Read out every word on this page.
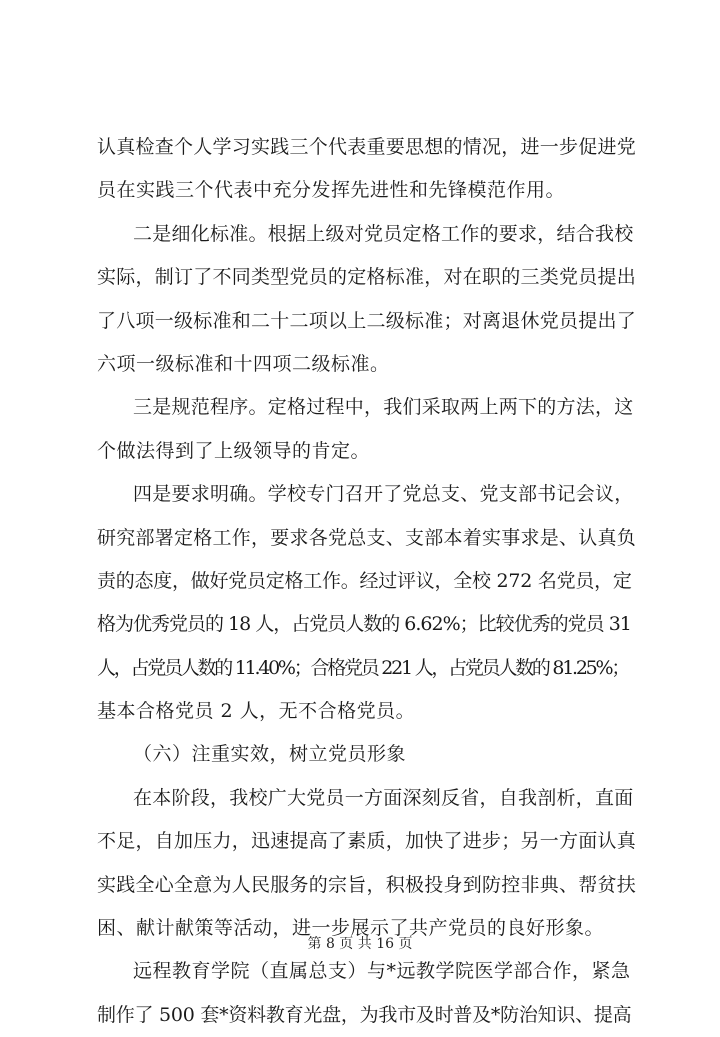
认真检查个人学习实践三个代表重要思想的情况，进一步促进党
员在实践三个代表中充分发挥先进性和先锋模范作用。
二是细化标准。根据上级对党员定格工作的要求，结合我校
实际，制订了不同类型党员的定格标准，对在职的三类党员提出
了八项一级标准和二十二项以上二级标准；对离退休党员提出了
六项一级标准和十四项二级标准。
三是规范程序。定格过程中，我们采取两上两下的方法，这
个做法得到了上级领导的肯定。
四是要求明确。学校专门召开了党总支、党支部书记会议，
研究部署定格工作，要求各党总支、支部本着实事求是、认真负
责的态度，做好党员定格工作。经过评议，全校 272 名党员，定
格为优秀党员的 18 人，占党员人数的 6.62%；比较优秀的党员 31
人，占党员人数的 11.40%；合格党员 221 人，占党员人数的 81.25%；
基本合格党员 2 人，无不合格党员。
（六）注重实效，树立党员形象
在本阶段，我校广大党员一方面深刻反省，自我剖析，直面
不足，自加压力，迅速提高了素质，加快了进步；另一方面认真
实践全心全意为人民服务的宗旨，积极投身到防控非典、帮贫扶
困、献计献策等活动，进一步展示了共产党员的良好形象。
远程教育学院（直属总支）与*远教学院医学部合作，紧急
制作了 500 套*资料教育光盘，为我市及时普及*防治知识、提高
第 8 页 共 16 页
